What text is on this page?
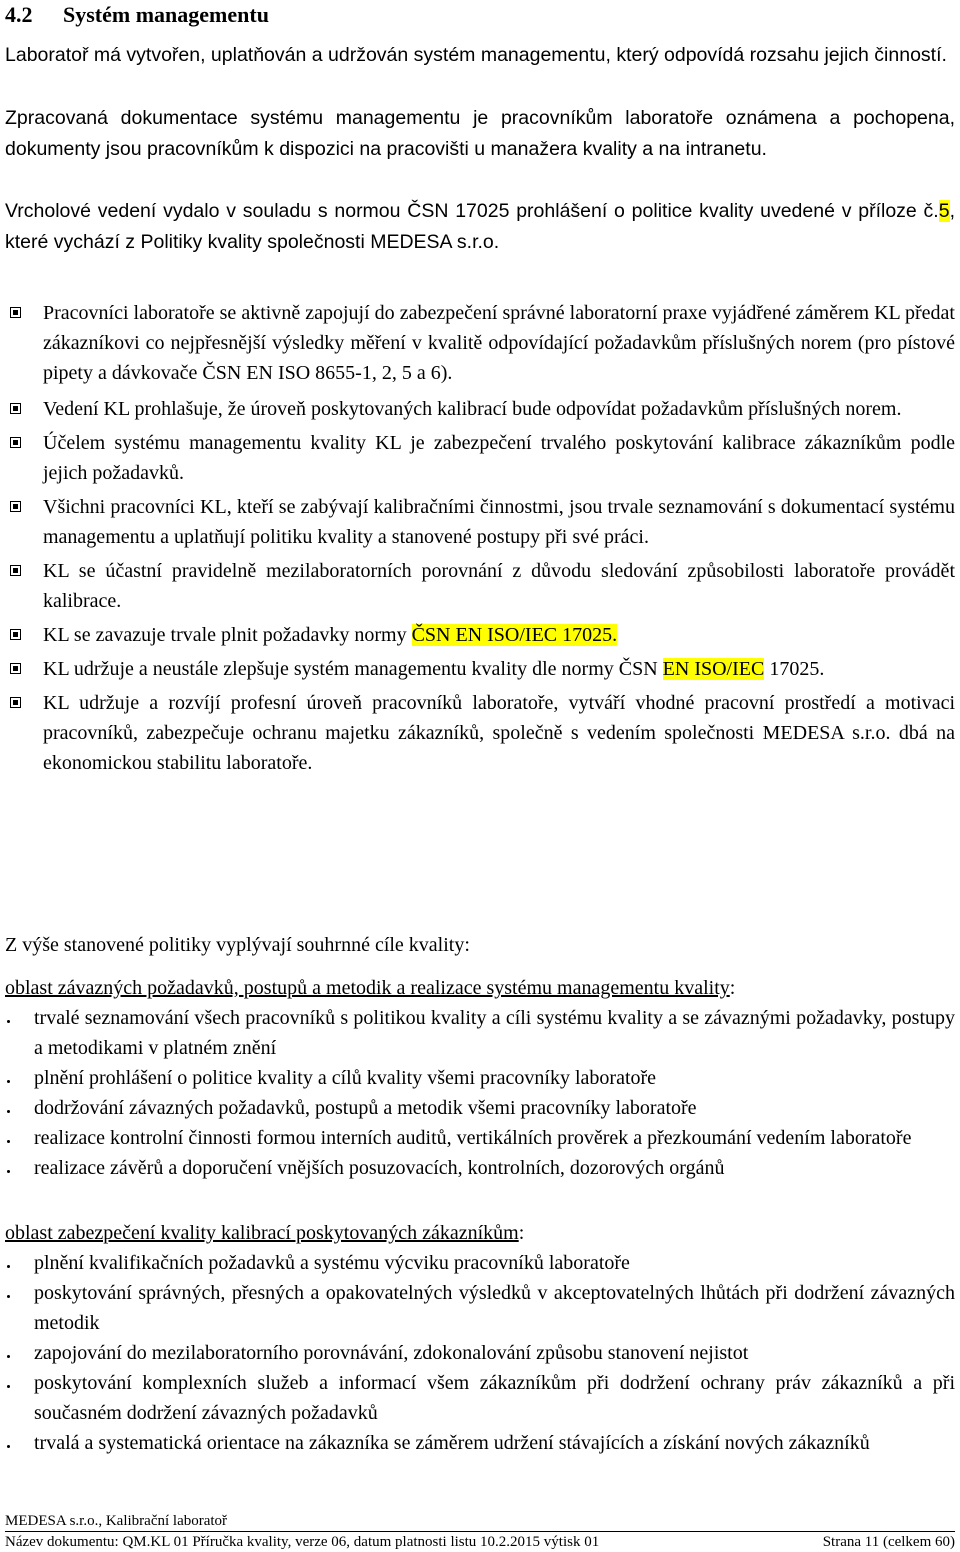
4.2 Systém managementu

Laboratoř má vytvořen, uplatňován a udržován systém managementu, který odpovídá rozsahu jejich činností.

Zpracovaná dokumentace systému managementu je pracovníkům laboratoře oznámena a pochopena, dokumenty jsou pracovníkům k dispozici na pracovišti u manažera kvality a na intranetu.

Vrcholové vedení vydalo v souladu s normou ČSN 17025 prohlášení o politice kvality uvedené v příloze č.5, které vychází z Politiky kvality společnosti MEDESA s.r.o.

Pracovníci laboratoře se aktivně zapojují do zabezpečení správné laboratorní praxe vyjádřené záměrem KL předat zákazníkovi co nejpřesnější výsledky měření v kvalitě odpovídající požadavkům příslušných norem (pro pístové pipety a dávkovače ČSN EN ISO 8655-1, 2, 5 a 6).
Vedení KL prohlašuje, že úroveň poskytovaných kalibrací bude odpovídat požadavkům příslušných norem.
Účelem systému managementu kvality KL je zabezpečení trvalého poskytování kalibrace zákazníkům podle jejich požadavků.
Všichni pracovníci KL, kteří se zabývají kalibračními činnostmi, jsou trvale seznamování s dokumentací systému managementu a uplatňují politiku kvality a stanovené postupy při své práci.
KL se účastní pravidelně mezilaboratorních porovnání z důvodu sledování způsobilosti laboratoře provádět kalibrace.
KL se zavazuje trvale plnit požadavky normy ČSN EN ISO/IEC 17025.
KL udržuje a neustále zlepšuje systém managementu kvality dle normy ČSN EN ISO/IEC 17025.
KL udržuje a rozvíjí profesní úroveň pracovníků laboratoře, vytváří vhodné pracovní prostředí a motivaci pracovníků, zabezpečuje ochranu majetku zákazníků, společně s vedením společnosti MEDESA s.r.o. dbá na ekonomickou stabilitu laboratoře.

Z výše stanovené politiky vyplývají souhrnné cíle kvality:

oblast závazných požadavků, postupů a metodik a realizace systému managementu kvality:
trvalé seznamování všech pracovníků s politikou kvality a cíli systému kvality a se závaznými požadavky, postupy a metodikami v platném znění
plnění prohlášení o politice kvality a cílů kvality všemi pracovníky laboratoře
dodržování závazných požadavků, postupů a metodik všemi pracovníky laboratoře
realizace kontrolní činnosti formou interních auditů, vertikálních prověrek a přezkoumání vedením laboratoře
realizace závěrů a doporučení vnějších posuzovacích, kontrolních, dozorových orgánů
oblast zabezpečení kvality kalibrací poskytovaných zákazníkům:
plnění kvalifikačních požadavků a systému výcviku pracovníků laboratoře
poskytování správných, přesných a opakovatelných výsledků v akceptovatelných lhůtách při dodržení závazných metodik
zapojování do mezilaboratorního porovnávání, zdokonalování způsobu stanovení nejistot
poskytování komplexních služeb a informací všem zákazníkům při dodržení ochrany práv zákazníků a při současném dodržení závazných požadavků
trvalá a systematická orientace na zákazníka se záměrem udržení stávajících a získání nových zákazníků
MEDESA s.r.o., Kalibrační laboratoř
Název dokumentu: QM.KL 01 Příručka kvality, verze 06, datum platnosti listu 10.2.2015 výtisk 01	Strana 11 (celkem 60)
